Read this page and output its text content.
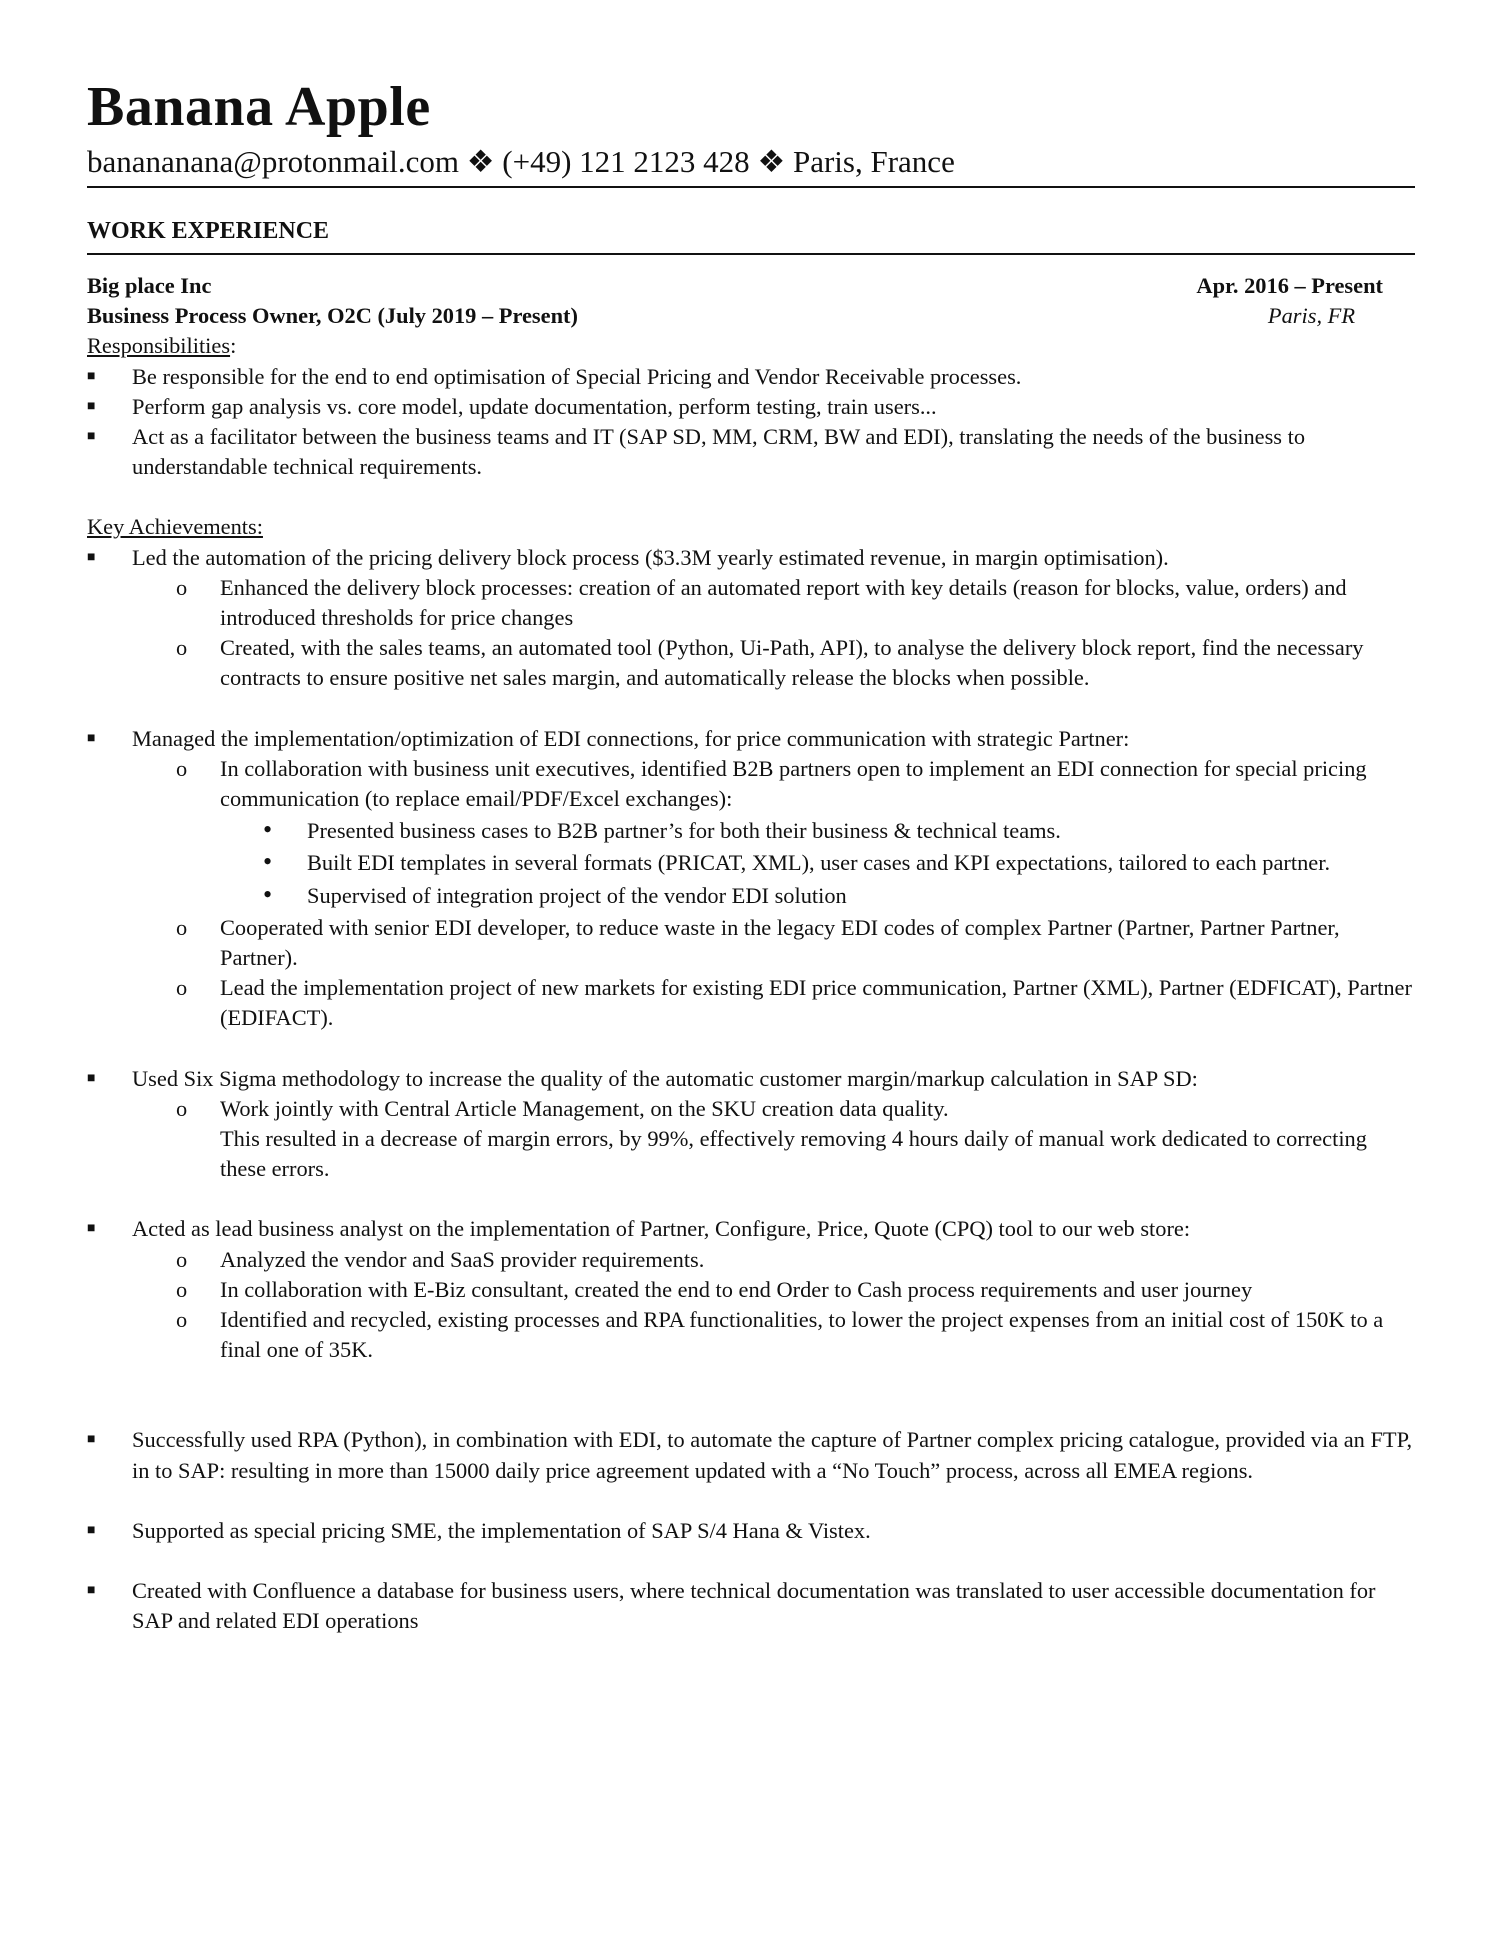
Banana Apple
banananana@protonmail.com ❖ (+49) 121 2123 428 ❖ Paris, France
WORK EXPERIENCE
Big place Inc	Apr. 2016 – Present
Business Process Owner, O2C (July 2019 – Present)	Paris, FR
Responsibilities:
■ Be responsible for the end to end optimisation of Special Pricing and Vendor Receivable processes.
■ Perform gap analysis vs. core model, update documentation, perform testing, train users...
■ Act as a facilitator between the business teams and IT (SAP SD, MM, CRM, BW and EDI), translating the needs of the business to understandable technical requirements.
Key Achievements:
■ Led the automation of the pricing delivery block process ($3.3M yearly estimated revenue, in margin optimisation).
o Enhanced the delivery block processes: creation of an automated report with key details (reason for blocks, value, orders) and introduced thresholds for price changes
o Created, with the sales teams, an automated tool (Python, Ui-Path, API), to analyse the delivery block report, find the necessary contracts to ensure positive net sales margin, and automatically release the blocks when possible.
■ Managed the implementation/optimization of EDI connections, for price communication with strategic Partner:
o In collaboration with business unit executives, identified B2B partners open to implement an EDI connection for special pricing communication (to replace email/PDF/Excel exchanges):
• Presented business cases to B2B partner’s for both their business & technical teams.
• Built EDI templates in several formats (PRICAT, XML), user cases and KPI expectations, tailored to each partner.
• Supervised of integration project of the vendor EDI solution
o Cooperated with senior EDI developer, to reduce waste in the legacy EDI codes of complex Partner (Partner, Partner Partner, Partner).
o Lead the implementation project of new markets for existing EDI price communication, Partner (XML), Partner (EDFICAT), Partner (EDIFACT).
■ Used Six Sigma methodology to increase the quality of the automatic customer margin/markup calculation in SAP SD:
o Work jointly with Central Article Management, on the SKU creation data quality.
This resulted in a decrease of margin errors, by 99%, effectively removing 4 hours daily of manual work dedicated to correcting these errors.
■ Acted as lead business analyst on the implementation of Partner, Configure, Price, Quote (CPQ) tool to our web store:
o Analyzed the vendor and SaaS provider requirements.
o In collaboration with E-Biz consultant, created the end to end Order to Cash process requirements and user journey
o Identified and recycled, existing processes and RPA functionalities, to lower the project expenses from an initial cost of 150K to a final one of 35K.
■ Successfully used RPA (Python), in combination with EDI, to automate the capture of Partner complex pricing catalogue, provided via an FTP, in to SAP: resulting in more than 15000 daily price agreement updated with a “No Touch” process, across all EMEA regions.
■ Supported as special pricing SME, the implementation of SAP S/4 Hana & Vistex.
■ Created with Confluence a database for business users, where technical documentation was translated to user accessible documentation for SAP and related EDI operations
